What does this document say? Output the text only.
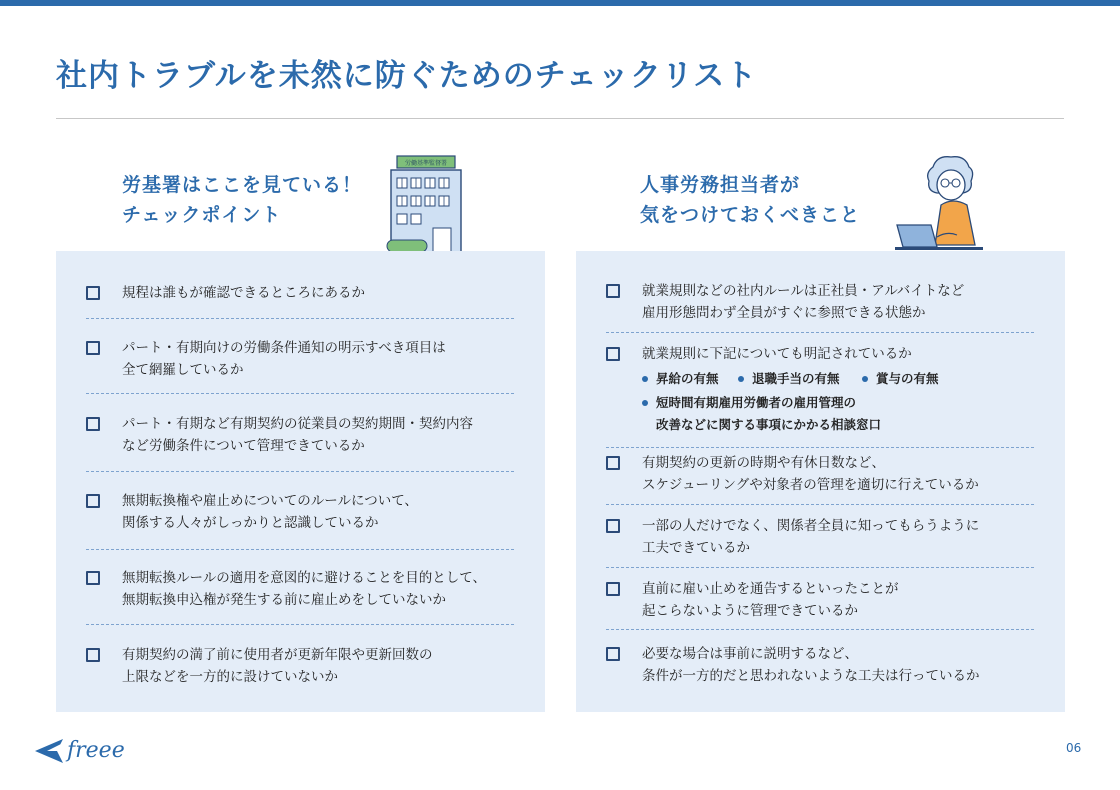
社内トラブルを未然に防ぐためのチェックリスト
労基署はここを見ている！
チェックポイント
労働基準監督署
規程は誰もが確認できるところにあるか
パート・有期向けの労働条件通知の明示すべき項目は
全て網羅しているか
パート・有期など有期契約の従業員の契約期間・契約内容
など労働条件について管理できているか
無期転換権や雇止めについてのルールについて、
関係する人々がしっかりと認識しているか
無期転換ルールの適用を意図的に避けることを目的として、
無期転換申込権が発生する前に雇止めをしていないか
有期契約の満了前に使用者が更新年限や更新回数の
上限などを一方的に設けていないか
人事労務担当者が
気をつけておくべきこと
就業規則などの社内ルールは正社員・アルバイトなど
雇用形態問わず全員がすぐに参照できる状態か
就業規則に下記についても明記されているか
昇給の有無	退職手当の有無	賞与の有無
短時間有期雇用労働者の雇用管理の
改善などに関する事項にかかる相談窓口
有期契約の更新の時期や有休日数など、
スケジューリングや対象者の管理を適切に行えているか
一部の人だけでなく、関係者全員に知ってもらうように
工夫できているか
直前に雇い止めを通告するといったことが
起こらないように管理できているか
必要な場合は事前に説明するなど、
条件が一方的だと思われないような工夫は行っているか
freee	06
